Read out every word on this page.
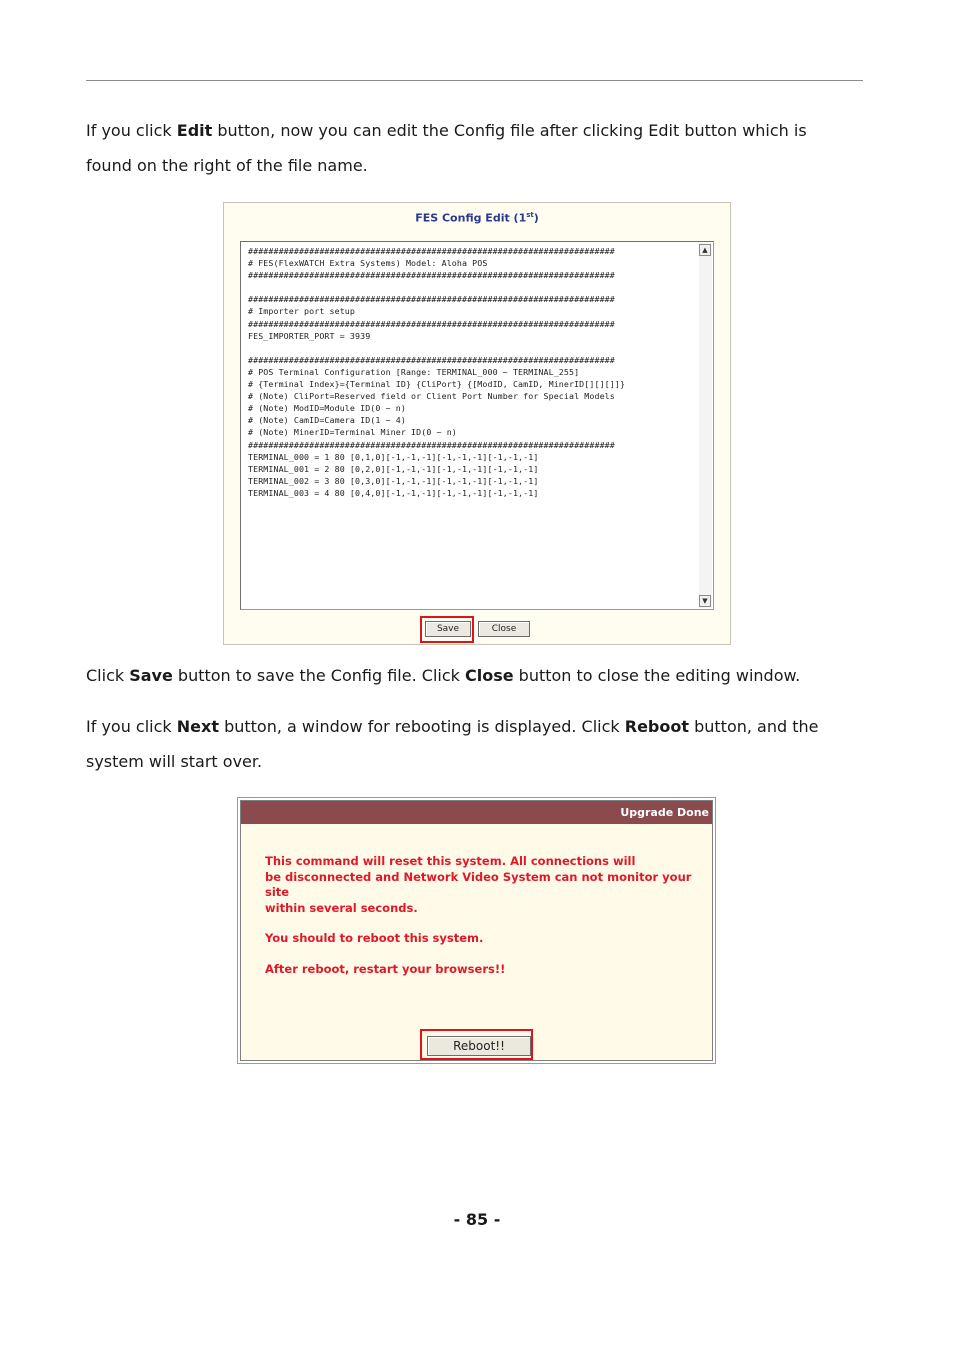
If you click Edit button, now you can edit the Config file after clicking Edit button which is found on the right of the file name.

FES Config Edit (1st)
########################################################################
# FES(FlexWATCH Extra Systems) Model: Aloha POS
########################################################################

########################################################################
# Importer port setup
########################################################################
FES_IMPORTER_PORT = 3939

########################################################################
# POS Terminal Configuration [Range: TERMINAL_000 ~ TERMINAL_255]
# {Terminal Index}={Terminal ID} {CliPort} {[ModID, CamID, MinerID[][][]]}
# (Note) CliPort=Reserved field or Client Port Number for Special Models
# (Note) ModID=Module ID(0 ~ n)
# (Note) CamID=Camera ID(1 ~ 4)
# (Note) MinerID=Terminal Miner ID(0 ~ n)
########################################################################
TERMINAL_000 = 1 80 [0,1,0][-1,-1,-1][-1,-1,-1][-1,-1,-1]
TERMINAL_001 = 2 80 [0,2,0][-1,-1,-1][-1,-1,-1][-1,-1,-1]
TERMINAL_002 = 3 80 [0,3,0][-1,-1,-1][-1,-1,-1][-1,-1,-1]
TERMINAL_003 = 4 80 [0,4,0][-1,-1,-1][-1,-1,-1][-1,-1,-1]
▲
▼
Save	Close

Click Save button to save the Config file. Click Close button to close the editing window.

If you click Next button, a window for rebooting is displayed. Click Reboot button, and the system will start over.

Upgrade Done

This command will reset this system. All connections will
be disconnected and Network Video System can not monitor your
site
within several seconds.

You should to reboot this system.

After reboot, restart your browsers!!

Reboot!!
- 85 -
